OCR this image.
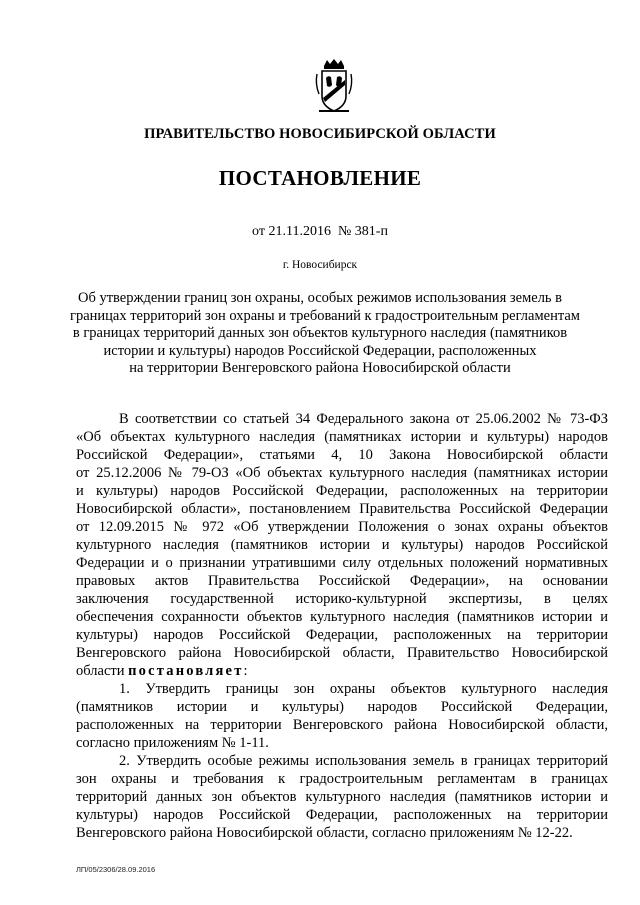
ПРАВИТЕЛЬСТВО НОВОСИБИРСКОЙ ОБЛАСТИ
ПОСТАНОВЛЕНИЕ
от 21.11.2016  № 381-п
г. Новосибирск
Об утверждении границ зон охраны, особых режимов использования земель в
границах территорий зон охраны и требований к градостроительным регламентам
в границах территорий данных зон объектов культурного наследия (памятников
истории и культуры) народов Российской Федерации, расположенных
на территории Венгеровского района Новосибирской области
В соответствии со статьей 34 Федерального закона от 25.06.2002 № 73-ФЗ
«Об объектах культурного наследия (памятниках истории и культуры) народов
Российской Федерации», статьями 4, 10 Закона Новосибирской области
от 25.12.2006 № 79-ОЗ «Об объектах культурного наследия (памятниках истории
и культуры) народов Российской Федерации, расположенных на территории
Новосибирской области», постановлением Правительства Российской Федерации
от 12.09.2015 № 972 «Об утверждении Положения о зонах охраны объектов
культурного наследия (памятников истории и культуры) народов Российской
Федерации и о признании утратившими силу отдельных положений нормативных
правовых актов Правительства Российской Федерации», на основании
заключения государственной историко-культурной экспертизы, в целях
обеспечения сохранности объектов культурного наследия (памятников истории и
культуры) народов Российской Федерации, расположенных на территории
Венгеровского района Новосибирской области, Правительство Новосибирской
области постановляет:
1. Утвердить границы зон охраны объектов культурного наследия
(памятников истории и культуры) народов Российской Федерации,
расположенных на территории Венгеровского района Новосибирской области,
согласно приложениям № 1-11.
2. Утвердить особые режимы использования земель в границах территорий
зон охраны и требования к градостроительным регламентам в границах
территорий данных зон объектов культурного наследия (памятников истории и
культуры) народов Российской Федерации, расположенных на территории
Венгеровского района Новосибирской области, согласно приложениям № 12-22.
ЛП/05/2306/28.09.2016
